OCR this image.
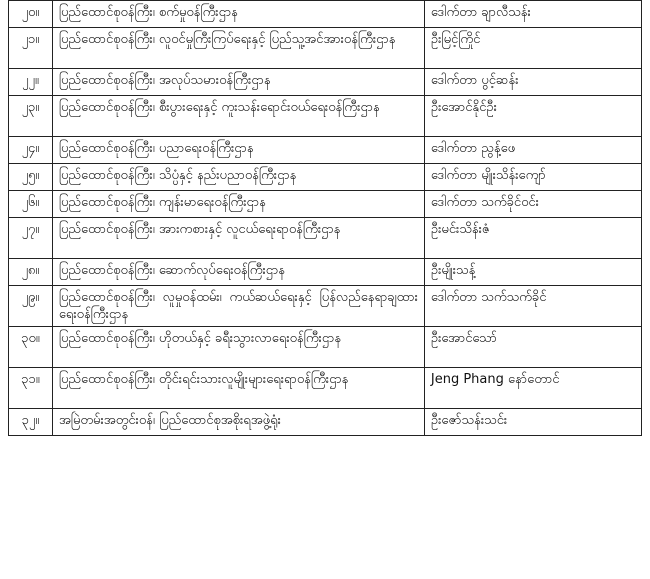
၂၀။	ပြည်ထောင်စုဝန်ကြီး၊ စက်မှုဝန်ကြီးဌာန	ဒေါက်တာ ချာလီသန်း
၂၁။	ပြည်ထောင်စုဝန်ကြီး၊ လူဝင်မှုကြီးကြပ်ရေးနှင့် ပြည်သူ့အင်အားဝန်ကြီးဌာန	ဦးမြင့်ကြိုင်
၂၂။	ပြည်ထောင်စုဝန်ကြီး၊ အလုပ်သမားဝန်ကြီးဌာန	ဒေါက်တာ ပွင့်ဆန်း
၂၃။	ပြည်ထောင်စုဝန်ကြီး၊ စီးပွားရေးနှင့် ကူးသန်းရောင်းဝယ်ရေးဝန်ကြီးဌာန	ဦးအောင်နိုင်ဦး
၂၄။	ပြည်ထောင်စုဝန်ကြီး၊ ပညာရေးဝန်ကြီးဌာန	ဒေါက်တာ ညွန့်ဖေ
၂၅။	ပြည်ထောင်စုဝန်ကြီး၊ သိပ္ပံနှင့် နည်းပညာဝန်ကြီးဌာန	ဒေါက်တာ မျိုးသိန်းကျော်
၂၆။	ပြည်ထောင်စုဝန်ကြီး၊ ကျန်းမာရေးဝန်ကြီးဌာန	ဒေါက်တာ သက်ခိုင်ဝင်း
၂၇။	ပြည်ထောင်စုဝန်ကြီး၊ အားကစားနှင့် လူငယ်ရေးရာဝန်ကြီးဌာန	ဦးမင်းသိန်းဇံ
၂၈။	ပြည်ထောင်စုဝန်ကြီး၊ ဆောက်လုပ်ရေးဝန်ကြီးဌာန	ဦးမျိုးသန့်
၂၉။	ပြည်ထောင်စုဝန်ကြီး၊ လူမှုဝန်ထမ်း၊ ကယ်ဆယ်ရေးနှင့် ပြန်လည်နေရာချထားရေးဝန်ကြီးဌာန	ဒေါက်တာ သက်သက်ခိုင်
၃၀။	ပြည်ထောင်စုဝန်ကြီး၊ ဟိုတယ်နှင့် ခရီးသွားလာရေးဝန်ကြီးဌာန	ဦးအောင်သော်
၃၁။	ပြည်ထောင်စုဝန်ကြီး၊ တိုင်းရင်းသားလူမျိုးများရေးရာဝန်ကြီးဌာန	Jeng Phang နော်တောင်
၃၂။	အမြဲတမ်းအတွင်းဝန်၊ ပြည်ထောင်စုအစိုးရအဖွဲ့ရုံး	ဦးဇော်သန်းသင်း
